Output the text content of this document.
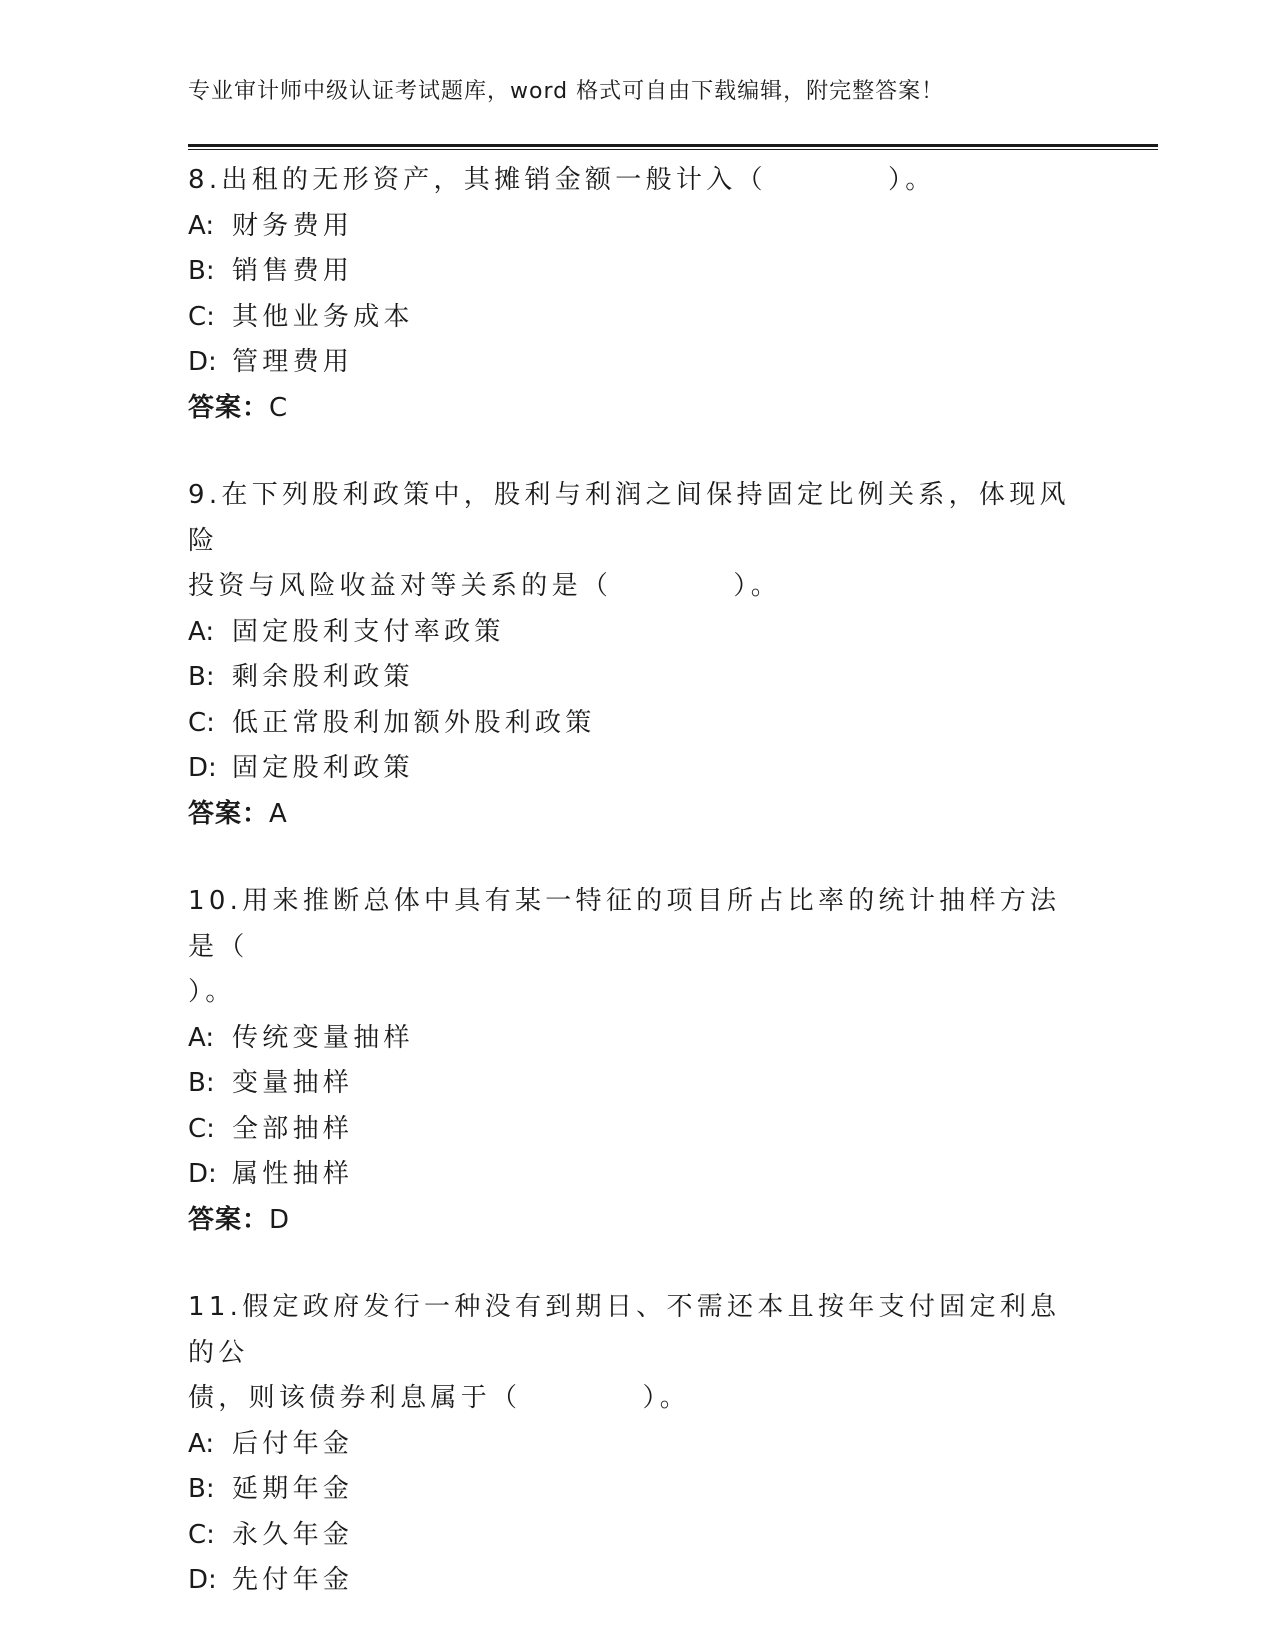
专业审计师中级认证考试题库，word 格式可自由下载编辑，附完整答案！
8.出租的无形资产，其摊销金额一般计入（　　　　）。
A: 财务费用
B: 销售费用
C: 其他业务成本
D: 管理费用
答案：C
9.在下列股利政策中，股利与利润之间保持固定比例关系，体现风险
投资与风险收益对等关系的是（　　　　）。
A: 固定股利支付率政策
B: 剩余股利政策
C: 低正常股利加额外股利政策
D: 固定股利政策
答案：A
10.用来推断总体中具有某一特征的项目所占比率的统计抽样方法是（
）。
A: 传统变量抽样
B: 变量抽样
C: 全部抽样
D: 属性抽样
答案：D
11.假定政府发行一种没有到期日、不需还本且按年支付固定利息的公
债，则该债券利息属于（　　　　）。
A: 后付年金
B: 延期年金
C: 永久年金
D: 先付年金
